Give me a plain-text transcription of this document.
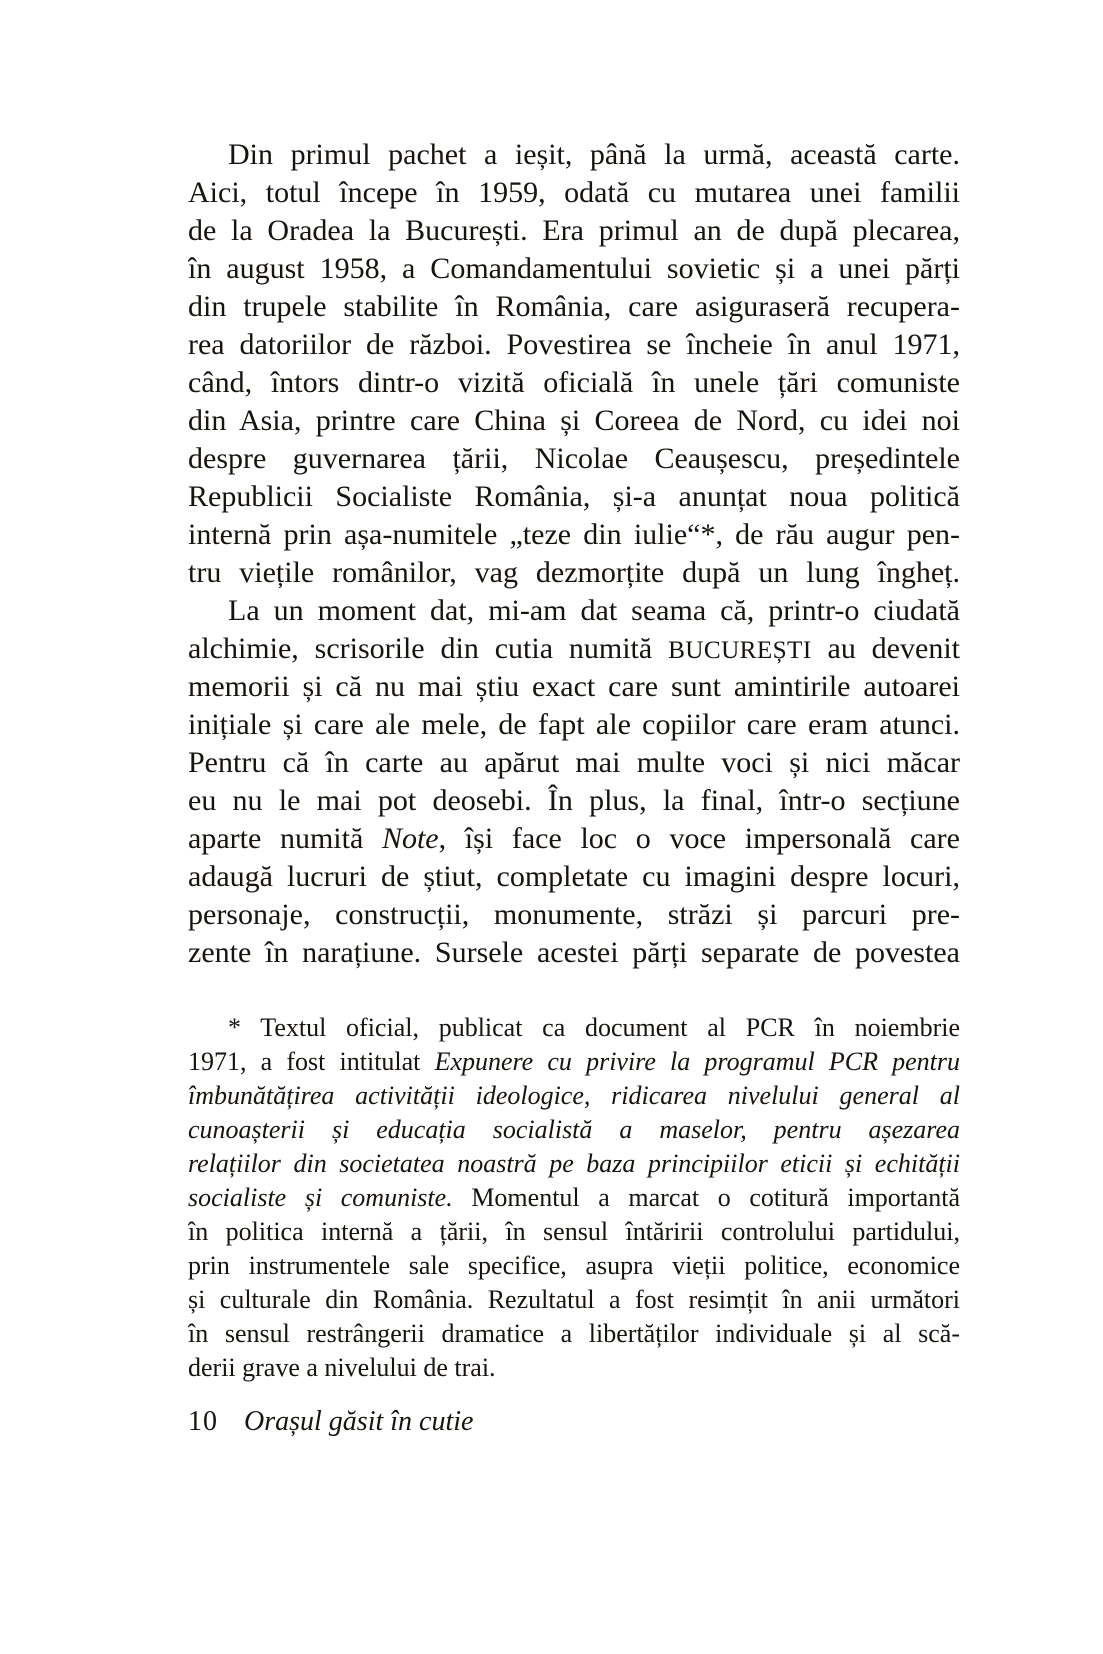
Din primul pachet a ieșit, până la urmă, această carte.
Aici, totul începe în 1959, odată cu mutarea unei familii
de la Oradea la București. Era primul an de după plecarea,
în august 1958, a Comandamentului sovietic și a unei părți
din trupele stabilite în România, care asiguraseră recupera-
rea datoriilor de război. Povestirea se încheie în anul 1971,
când, întors dintr-o vizită oficială în unele țări comuniste
din Asia, printre care China și Coreea de Nord, cu idei noi
despre guvernarea țării, Nicolae Ceaușescu, președintele
Republicii Socialiste România, și-a anunțat noua politică
internă prin așa-numitele „teze din iulie“*, de rău augur pen-
tru viețile românilor, vag dezmorțite după un lung îngheț.

La un moment dat, mi-am dat seama că, printr-o ciudată
alchimie, scrisorile din cutia numită BUCUREȘTI au devenit
memorii și că nu mai știu exact care sunt amintirile autoarei
inițiale și care ale mele, de fapt ale copiilor care eram atunci.
Pentru că în carte au apărut mai multe voci și nici măcar
eu nu le mai pot deosebi. În plus, la final, într-o secțiune
aparte numită Note, își face loc o voce impersonală care
adaugă lucruri de știut, completate cu imagini despre locuri,
personaje, construcții, monumente, străzi și parcuri pre-
zente în narațiune. Sursele acestei părți separate de povestea

* Textul oficial, publicat ca document al PCR în noiembrie
1971, a fost intitulat Expunere cu privire la programul PCR pentru
îmbunătățirea activității ideologice, ridicarea nivelului general al
cunoașterii și educația socialistă a maselor, pentru așezarea
relațiilor din societatea noastră pe baza principiilor eticii și echității
socialiste și comuniste. Momentul a marcat o cotitură importantă
în politica internă a țării, în sensul întăririi controlului partidului,
prin instrumentele sale specifice, asupra vieții politice, economice
și culturale din România. Rezultatul a fost resimțit în anii următori
în sensul restrângerii dramatice a libertăților individuale și al scă-
derii grave a nivelului de trai.
10 Orașul găsit în cutie
